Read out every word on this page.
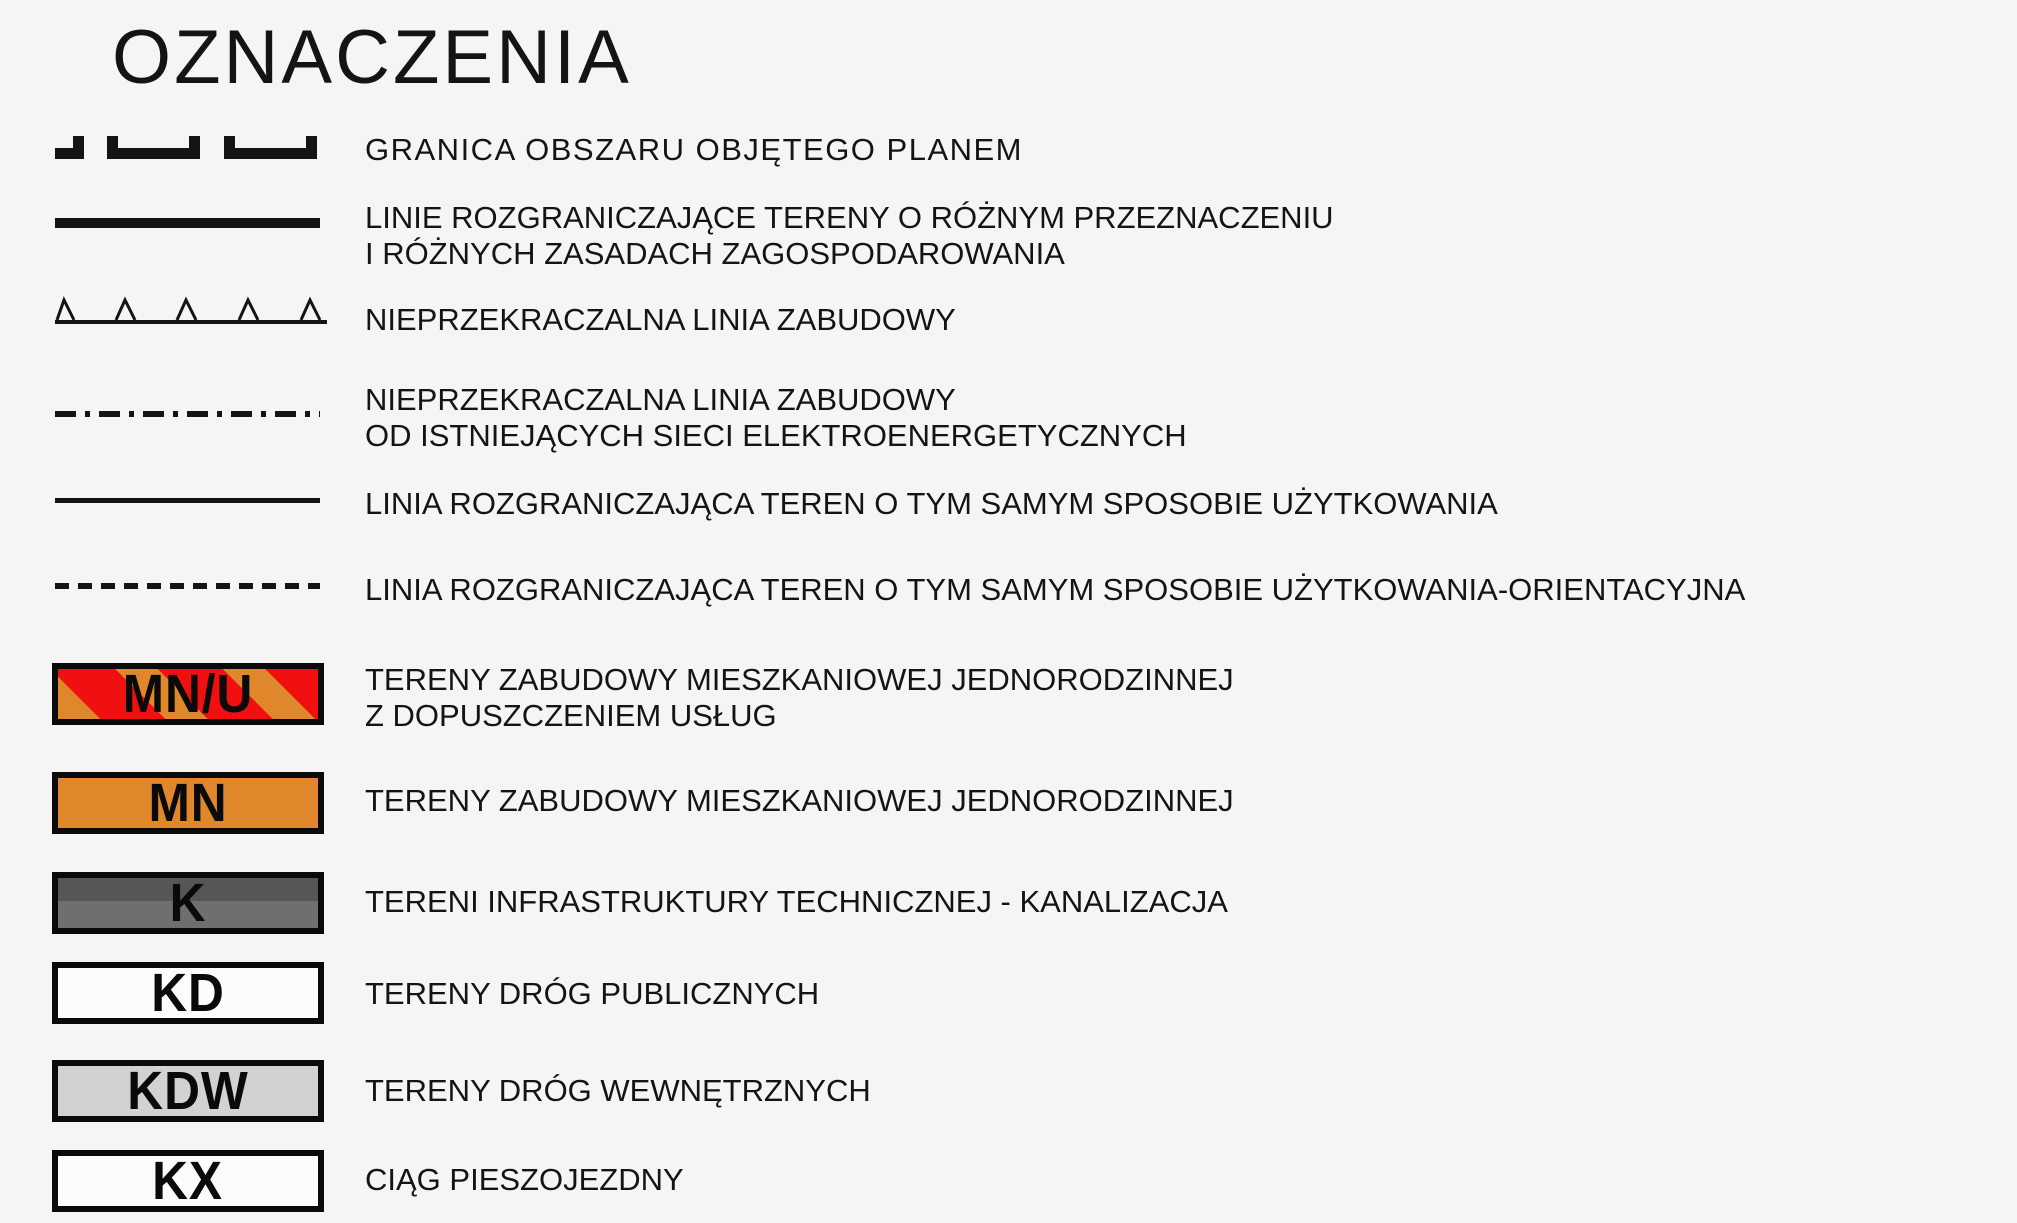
OZNACZENIA
GRANICA OBSZARU OBJĘTEGO PLANEM
LINIE ROZGRANICZAJĄCE TERENY O RÓŻNYM PRZEZNACZENIU
I RÓŻNYCH ZASADACH ZAGOSPODAROWANIA
NIEPRZEKRACZALNA LINIA ZABUDOWY
NIEPRZEKRACZALNA LINIA ZABUDOWY
OD ISTNIEJĄCYCH SIECI ELEKTROENERGETYCZNYCH
LINIA ROZGRANICZAJĄCA TEREN O TYM SAMYM SPOSOBIE UŻYTKOWANIA
LINIA ROZGRANICZAJĄCA TEREN O TYM SAMYM SPOSOBIE UŻYTKOWANIA-ORIENTACYJNA
MN/U	TERENY ZABUDOWY MIESZKANIOWEJ JEDNORODZINNEJ
Z DOPUSZCZENIEM USŁUG
MN	TERENY ZABUDOWY MIESZKANIOWEJ JEDNORODZINNEJ
K	TERENI INFRASTRUKTURY TECHNICZNEJ - KANALIZACJA
KD	TERENY DRÓG PUBLICZNYCH
KDW	TERENY DRÓG WEWNĘTRZNYCH
KX	CIĄG PIESZOJEZDNY
